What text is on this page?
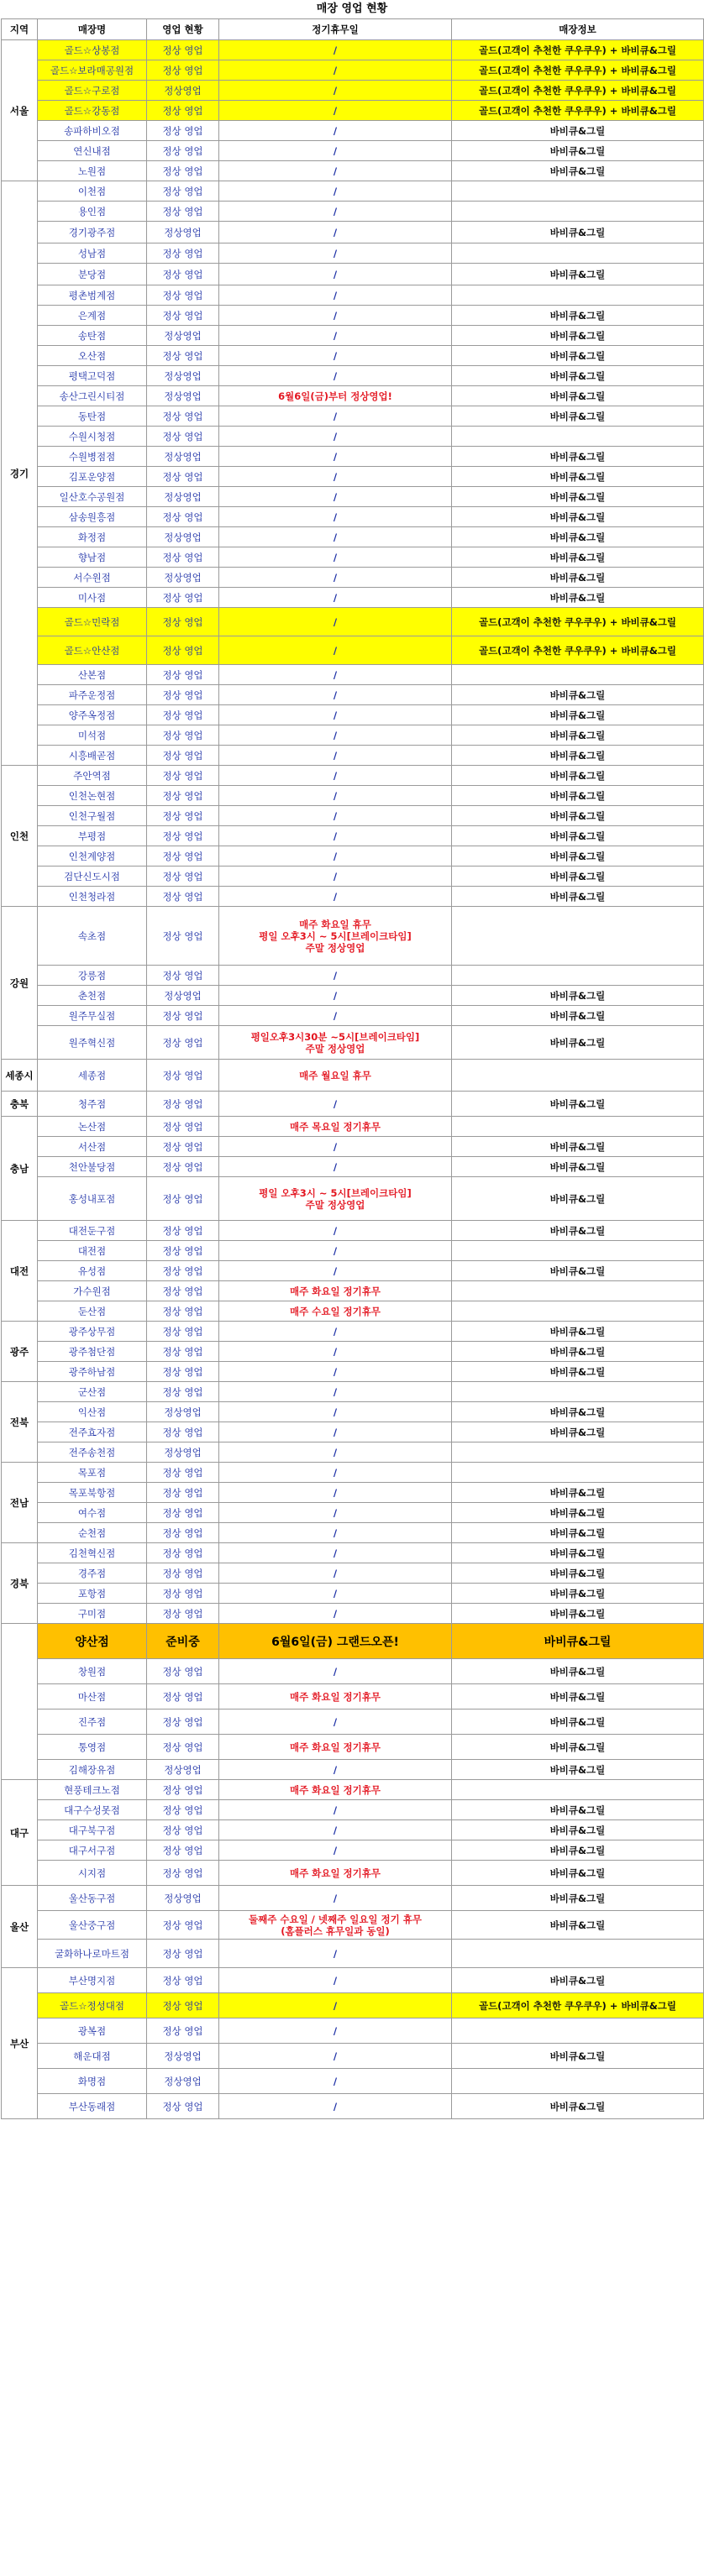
매장 영업 현황
지역	매장명	영업 현황	정기휴무일	매장정보
서울	골드☆상봉점	정상 영업	/	골드(고객이 추천한 쿠우쿠우) + 바비큐&그릴
	골드☆보라매공원점	정상 영업	/	골드(고객이 추천한 쿠우쿠우) + 바비큐&그릴
	골드☆구로점	정상영업	/	골드(고객이 추천한 쿠우쿠우) + 바비큐&그릴
	골드☆강동점	정상 영업	/	골드(고객이 추천한 쿠우쿠우) + 바비큐&그릴
	송파하비오점	정상 영업	/	바비큐&그릴
	연신내점	정상 영업	/	바비큐&그릴
	노원점	정상 영업	/	바비큐&그릴
경기	이천점	정상 영업	/	
	용인점	정상 영업	/	
	경기광주점	정상영업	/	바비큐&그릴
	성남점	정상 영업	/	
	분당점	정상 영업	/	바비큐&그릴
	평촌범계점	정상 영업	/	
	은계점	정상 영업	/	바비큐&그릴
	송탄점	정상영업	/	바비큐&그릴
	오산점	정상 영업	/	바비큐&그릴
	평택고덕점	정상영업	/	바비큐&그릴
	송산그린시티점	정상영업	6월6일(금)부터 정상영업!	바비큐&그릴
	동탄점	정상 영업	/	바비큐&그릴
	수원시청점	정상 영업	/	
	수원병점점	정상영업	/	바비큐&그릴
	김포운양점	정상 영업	/	바비큐&그릴
	일산호수공원점	정상영업	/	바비큐&그릴
	삼송원흥점	정상 영업	/	바비큐&그릴
	화정점	정상영업	/	바비큐&그릴
	향남점	정상 영업	/	바비큐&그릴
	서수원점	정상영업	/	바비큐&그릴
	미사점	정상 영업	/	바비큐&그릴
	골드☆민락점	정상 영업	/	골드(고객이 추천한 쿠우쿠우) + 바비큐&그릴
	골드☆안산점	정상 영업	/	골드(고객이 추천한 쿠우쿠우) + 바비큐&그릴
	산본점	정상 영업	/	
	파주운정점	정상 영업	/	바비큐&그릴
	양주옥정점	정상 영업	/	바비큐&그릴
	미석점	정상 영업	/	바비큐&그릴
	시흥배곧점	정상 영업	/	바비큐&그릴
인천	주안역점	정상 영업	/	바비큐&그릴
	인천논현점	정상 영업	/	바비큐&그릴
	인천구월점	정상 영업	/	바비큐&그릴
	부평점	정상 영업	/	바비큐&그릴
	인천계양점	정상 영업	/	바비큐&그릴
	검단신도시점	정상 영업	/	바비큐&그릴
	인천청라점	정상 영업	/	바비큐&그릴
강원	속초점	정상 영업	매주 화요일 휴무
평일 오후3시 ~ 5시[브레이크타임]
주말 정상영업	
	강릉점	정상 영업	/	
	춘천점	정상영업	/	바비큐&그릴
	원주무실점	정상 영업	/	바비큐&그릴
	원주혁신점	정상 영업	평일오후3시30분 ~5시[브레이크타임]
주말 정상영업	바비큐&그릴
세종시	세종점	정상 영업	매주 월요일 휴무	
충북	청주점	정상 영업	/	바비큐&그릴
충남	논산점	정상 영업	매주 목요일 정기휴무	
	서산점	정상 영업	/	바비큐&그릴
	천안불당점	정상 영업	/	바비큐&그릴
	홍성내포점	정상 영업	평일 오후3시 ~ 5시[브레이크타임]
주말 정상영업	바비큐&그릴
대전	대전둔구점	정상 영업	/	바비큐&그릴
	대전점	정상 영업	/	
	유성점	정상 영업	/	바비큐&그릴
	가수원점	정상 영업	매주 화요일 정기휴무	
	둔산점	정상 영업	매주 수요일 정기휴무	
광주	광주상무점	정상 영업	/	바비큐&그릴
	광주첨단점	정상 영업	/	바비큐&그릴
	광주하남점	정상 영업	/	바비큐&그릴
전북	군산점	정상 영업	/	
	익산점	정상영업	/	바비큐&그릴
	전주효자점	정상 영업	/	바비큐&그릴
	전주송천점	정상영업	/	
전남	목포점	정상 영업	/	
	목포북항점	정상 영업	/	바비큐&그릴
	여수점	정상 영업	/	바비큐&그릴
	순천점	정상 영업	/	바비큐&그릴
경북	김천혁신점	정상 영업	/	바비큐&그릴
	경주점	정상 영업	/	바비큐&그릴
	포항점	정상 영업	/	바비큐&그릴
	구미점	정상 영업	/	바비큐&그릴
	양산점	준비중	6월6일(금) 그랜드오픈!	바비큐&그릴
	창원점	정상 영업	/	바비큐&그릴
	마산점	정상 영업	매주 화요일 정기휴무	바비큐&그릴
	진주점	정상 영업	/	바비큐&그릴
	통영점	정상 영업	매주 화요일 정기휴무	바비큐&그릴
	김해장유점	정상영업	/	바비큐&그릴
대구	현풍테크노점	정상 영업	매주 화요일 정기휴무	
	대구수성못점	정상 영업	/	바비큐&그릴
	대구북구점	정상 영업	/	바비큐&그릴
	대구서구점	정상 영업	/	바비큐&그릴
	시지점	정상 영업	매주 화요일 정기휴무	바비큐&그릴
울산	울산동구점	정상영업	/	바비큐&그릴
	울산중구점	정상 영업	둘째주 수요일 / 넷째주 일요일 정기 휴무
(홈플러스 휴무일과 동일)	바비큐&그릴
	굴화하나로마트점	정상 영업	/	
부산	부산명지점	정상 영업	/	바비큐&그릴
	골드☆정성대점	정상 영업	/	골드(고객이 추천한 쿠우쿠우) + 바비큐&그릴
	광복점	정상 영업	/	
	해운대점	정상영업	/	바비큐&그릴
	화명점	정상영업	/	
	부산동래점	정상 영업	/	바비큐&그릴
